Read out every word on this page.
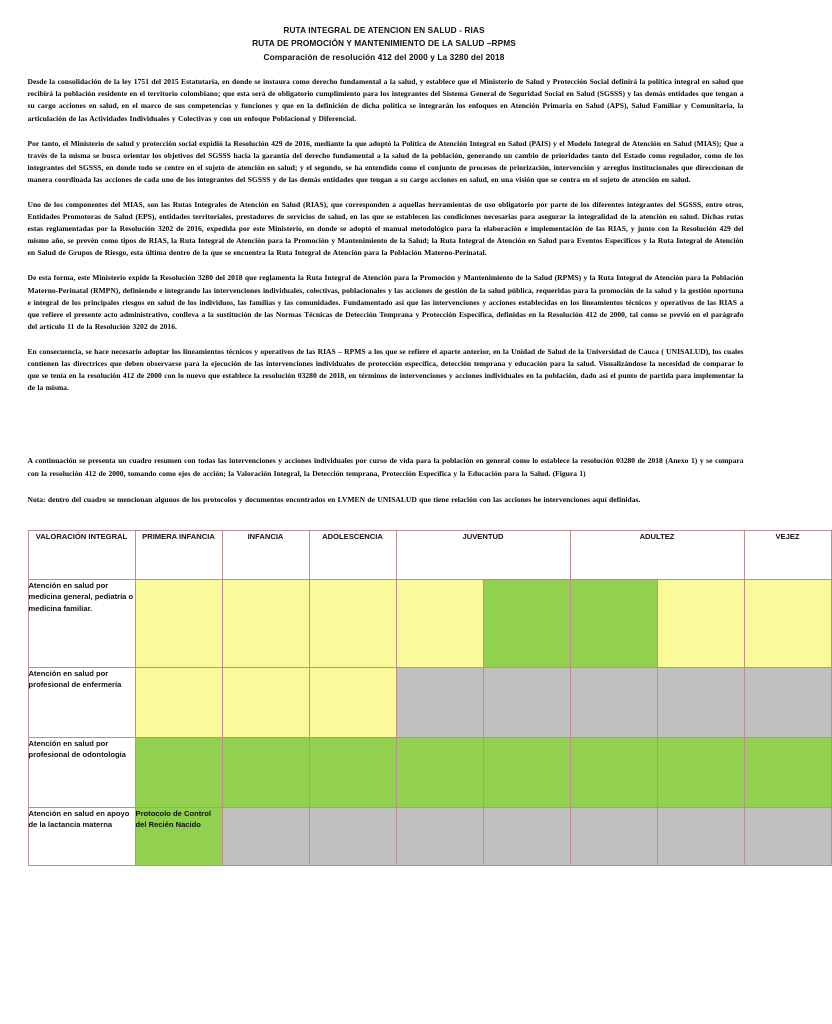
RUTA INTEGRAL DE ATENCION EN SALUD - RIAS
RUTA DE PROMOCIÓN Y MANTENIMIENTO DE LA SALUD –RPMS
Comparación de resolución 412 del 2000 y La 3280 del 2018

Desde la consolidación de la ley 1751 del 2015 Estatutaria, en donde se instaura como derecho fundamental a la salud, y establece que el Ministerio de Salud y Protección Social definirá la política integral en salud que recibirá la población residente en el territorio colombiano; que esta será de obligatorio cumplimiento para los integrantes del Sistema General de Seguridad Social en Salud (SGSSS) y las demás entidades que tengan a su cargo acciones en salud, en el marco de sus competencias y funciones y que en la definición de dicha política se integrarán los enfoques en Atención Primaria en Salud (APS), Salud Familiar y Comunitaria, la articulación de las Actividades Individuales y Colectivas y con un enfoque Poblacional y Diferencial.

Por tanto, el Ministerio de salud y protección social expidió la Resolución 429 de 2016, mediante la que adoptó la Política de Atención Integral en Salud (PAIS) y el Modelo Integral de Atención en Salud (MIAS); Que a través de la misma se busca orientar los objetivos del SGSSS hacia la garantía del derecho fundamental a la salud de la población, generando un cambio de prioridades tanto del Estado como regulador, como de los integrantes del SGSSS, en donde todo se centre en el sujeto de atención en salud; y el segundo, se ha entendido como el conjunto de procesos de priorización, intervención y arreglos institucionales que direccionan de manera coordinada las acciones de cada uno de los integrantes del SGSSS y de las demás entidades que tengan a su cargo acciones en salud, en una visión que se centra en el sujeto de atención en salud.

Uno de los componentes del MIAS, son las Rutas Integrales de Atención en Salud (RIAS), que corresponden a aquellas herramientas de uso obligatorio por parte de los diferentes integrantes del SGSSS, entre otros, Entidades Promotoras de Salud (EPS), entidades territoriales, prestadores de servicios de salud, en las que se establecen las condiciones necesarias para asegurar la integralidad de la atención en salud. Dichas rutas estas reglamentadas por la Resolución 3202 de 2016, expedida por este Ministerio, en donde se adoptó el manual metodológico para la elaboración e implementación de las RIAS, y junto con la Resolución 429 del mismo año, se prevén como tipos de RIAS, la Ruta Integral de Atención para la Promoción y Mantenimiento de la Salud; la Ruta Integral de Atención en Salud para Eventos Específicos y la Ruta Integral de Atención en Salud de Grupos de Riesgo, esta última dentro de la que se encuentra la Ruta Integral de Atención para la Población Materno-Perinatal.

De esta forma, este Ministerio expide la Resolución 3280 del 2018 que reglamenta la Ruta Integral de Atención para la Promoción y Mantenimiento de la Salud (RPMS) y la Ruta Integral de Atención para la Población Materno-Perinatal (RMPN), definiendo e integrando las intervenciones individuales, colectivas, poblacionales y las acciones de gestión de la salud pública, requeridas para la promoción de la salud y la gestión oportuna e integral de los principales riesgos en salud de los individuos, las familias y las comunidades. Fundamentado así que las intervenciones y acciones establecidas en los lineamientos técnicos y operativos de las RIAS a que refiere el presente acto administrativo, conlleva a la sustitución de las Normas Técnicas de Detección Temprana y Protección Específica, definidas en la Resolución 412 de 2000, tal como se previó en el parágrafo del artículo 11 de la Resolución 3202 de 2016.

En consecuencia, se hace necesario adoptar los lineamientos técnicos y operativos de las RIAS – RPMS a los que se refiere el aparte anterior, en la Unidad de Salud de la Universidad de Cauca ( UNISALUD), los cuales contienen las directrices que deben observarse para la ejecución de las intervenciones individuales de protección específica, detección temprana y educación para la salud. Visualizándose la necesidad de comparar lo que se tenía en la resolución 412 de 2000 con lo nuevo que establece la resolución 03280 de 2018, en términos de intervenciones y acciones individuales en la población, dado así el punto de partida para implementar la de la misma.

A continuación se presenta un cuadro resumen con todas las intervenciones y acciones individuales por curso de vida para la población en general como lo establece la resolución 03280 de 2018 (Anexo 1) y se compara con la resolución 412 de 2000, tomando como ejes de acción; la Valoración Integral, la Detección temprana, Protección Específica y la Educación para la Salud. (Figura 1)

Nota: dentro del cuadro se mencionan algunos de los protocolos y documentos encontrados en LVMEN de UNISALUD que tiene relación con las acciones he intervenciones aquí definidas.

VALORACIÓN INTEGRAL	PRIMERA INFANCIA	INFANCIA	ADOLESCENCIA	JUVENTUD		ADULTEZ		VEJEZ
Atención en salud por medicina general, pediatría o medicina familiar.								
Atención en salud por profesional de enfermería								
Atención en salud por profesional de odontología								
Atención en salud en apoyo de la lactancia materna	Protocolo de Control del Recién Nacido							
